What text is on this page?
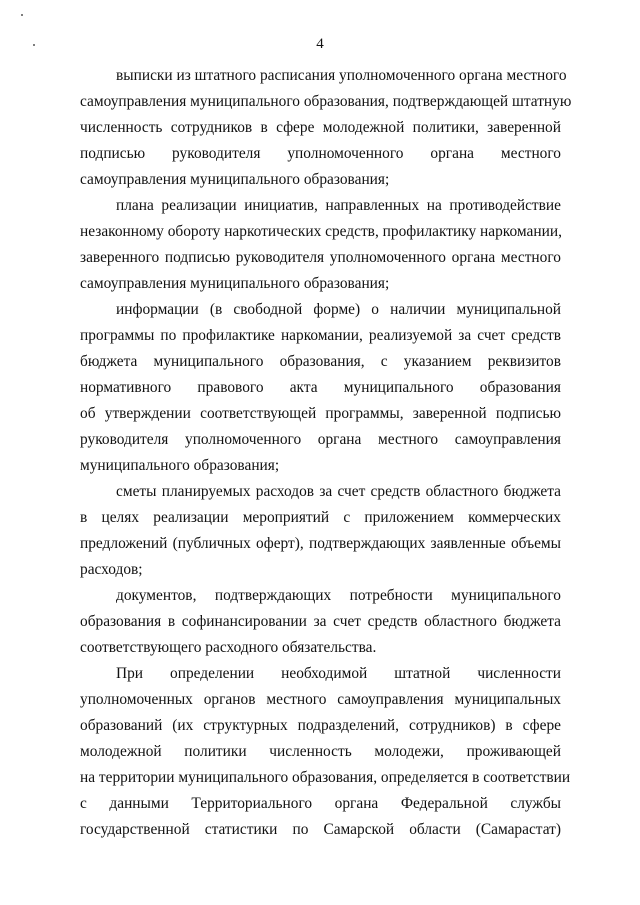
4
выписки из штатного расписания уполномоченного органа местного
самоуправления муниципального образования, подтверждающей штатную
численность сотрудников в сфере молодежной политики, заверенной
подписью руководителя уполномоченного органа местного
самоуправления муниципального образования;
плана реализации инициатив, направленных на противодействие
незаконному обороту наркотических средств, профилактику наркомании,
заверенного подписью руководителя уполномоченного органа местного
самоуправления муниципального образования;
информации (в свободной форме) о наличии муниципальной
программы по профилактике наркомании, реализуемой за счет средств
бюджета муниципального образования, с указанием реквизитов
нормативного правового акта муниципального образования
об утверждении соответствующей программы, заверенной подписью
руководителя уполномоченного органа местного самоуправления
муниципального образования;
сметы планируемых расходов за счет средств областного бюджета
в целях реализации мероприятий с приложением коммерческих
предложений (публичных оферт), подтверждающих заявленные объемы
расходов;
документов, подтверждающих потребности муниципального
образования в софинансировании за счет средств областного бюджета
соответствующего расходного обязательства.
При определении необходимой штатной численности
уполномоченных органов местного самоуправления муниципальных
образований (их структурных подразделений, сотрудников) в сфере
молодежной политики численность молодежи, проживающей
на территории муниципального образования, определяется в соответствии
с данными Территориального органа Федеральной службы
государственной статистики по Самарской области (Самарастат)
